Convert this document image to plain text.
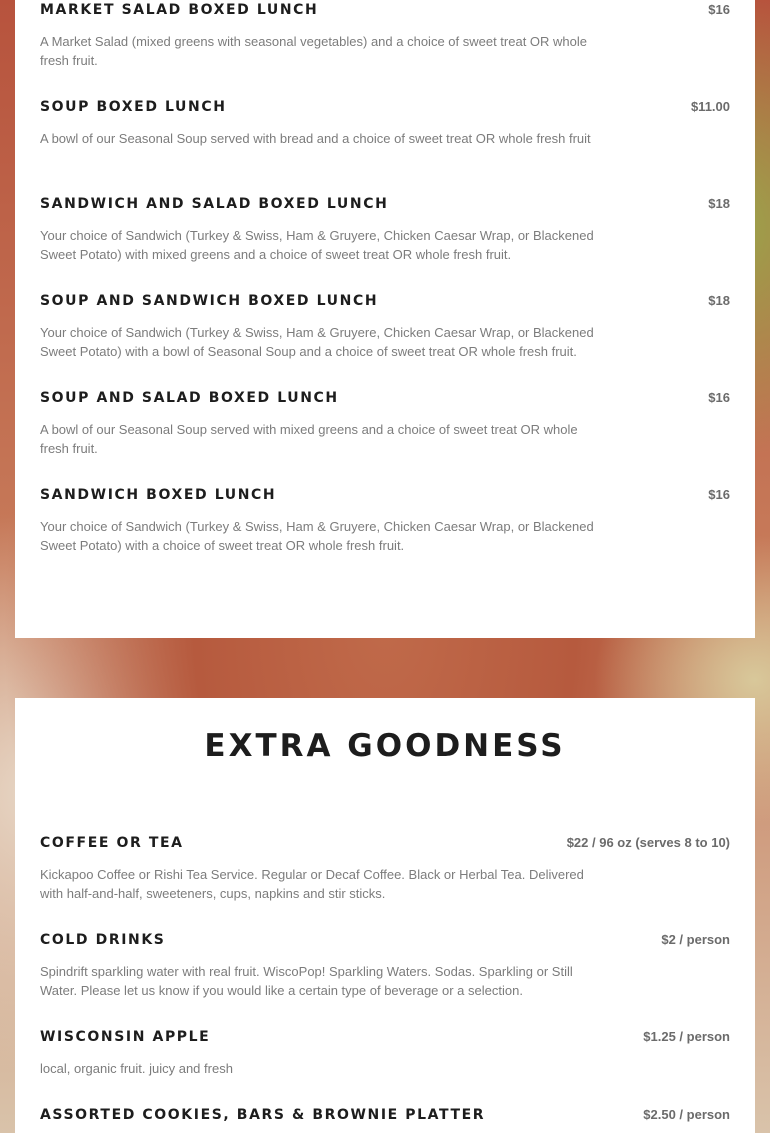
MARKET SALAD BOXED LUNCH	$16

A Market Salad (mixed greens with seasonal vegetables) and a choice of sweet treat OR whole fresh fruit.

SOUP BOXED LUNCH	$11.00

A bowl of our Seasonal Soup served with bread and a choice of sweet treat OR whole fresh fruit

SANDWICH AND SALAD BOXED LUNCH	$18

Your choice of Sandwich (Turkey & Swiss, Ham & Gruyere, Chicken Caesar Wrap, or Blackened Sweet Potato) with mixed greens and a choice of sweet treat OR whole fresh fruit.

SOUP AND SANDWICH BOXED LUNCH	$18

Your choice of Sandwich (Turkey & Swiss, Ham & Gruyere, Chicken Caesar Wrap, or Blackened Sweet Potato) with a bowl of Seasonal Soup and a choice of sweet treat OR whole fresh fruit.

SOUP AND SALAD BOXED LUNCH	$16

A bowl of our Seasonal Soup served with mixed greens and a choice of sweet treat OR whole fresh fruit.

SANDWICH BOXED LUNCH	$16

Your choice of Sandwich (Turkey & Swiss, Ham & Gruyere, Chicken Caesar Wrap, or Blackened Sweet Potato) with a choice of sweet treat OR whole fresh fruit.

EXTRA GOODNESS
COFFEE OR TEA	$22 / 96 oz (serves 8 to 10)

Kickapoo Coffee or Rishi Tea Service. Regular or Decaf Coffee. Black or Herbal Tea. Delivered with half-and-half, sweeteners, cups, napkins and stir sticks.

COLD DRINKS	$2 / person

Spindrift sparkling water with real fruit. WiscoPop! Sparkling Waters. Sodas. Sparkling or Still Water. Please let us know if you would like a certain type of beverage or a selection.

WISCONSIN APPLE	$1.25 / person

local, organic fruit. juicy and fresh

ASSORTED COOKIES, BARS & BROWNIE PLATTER	$2.50 / person
